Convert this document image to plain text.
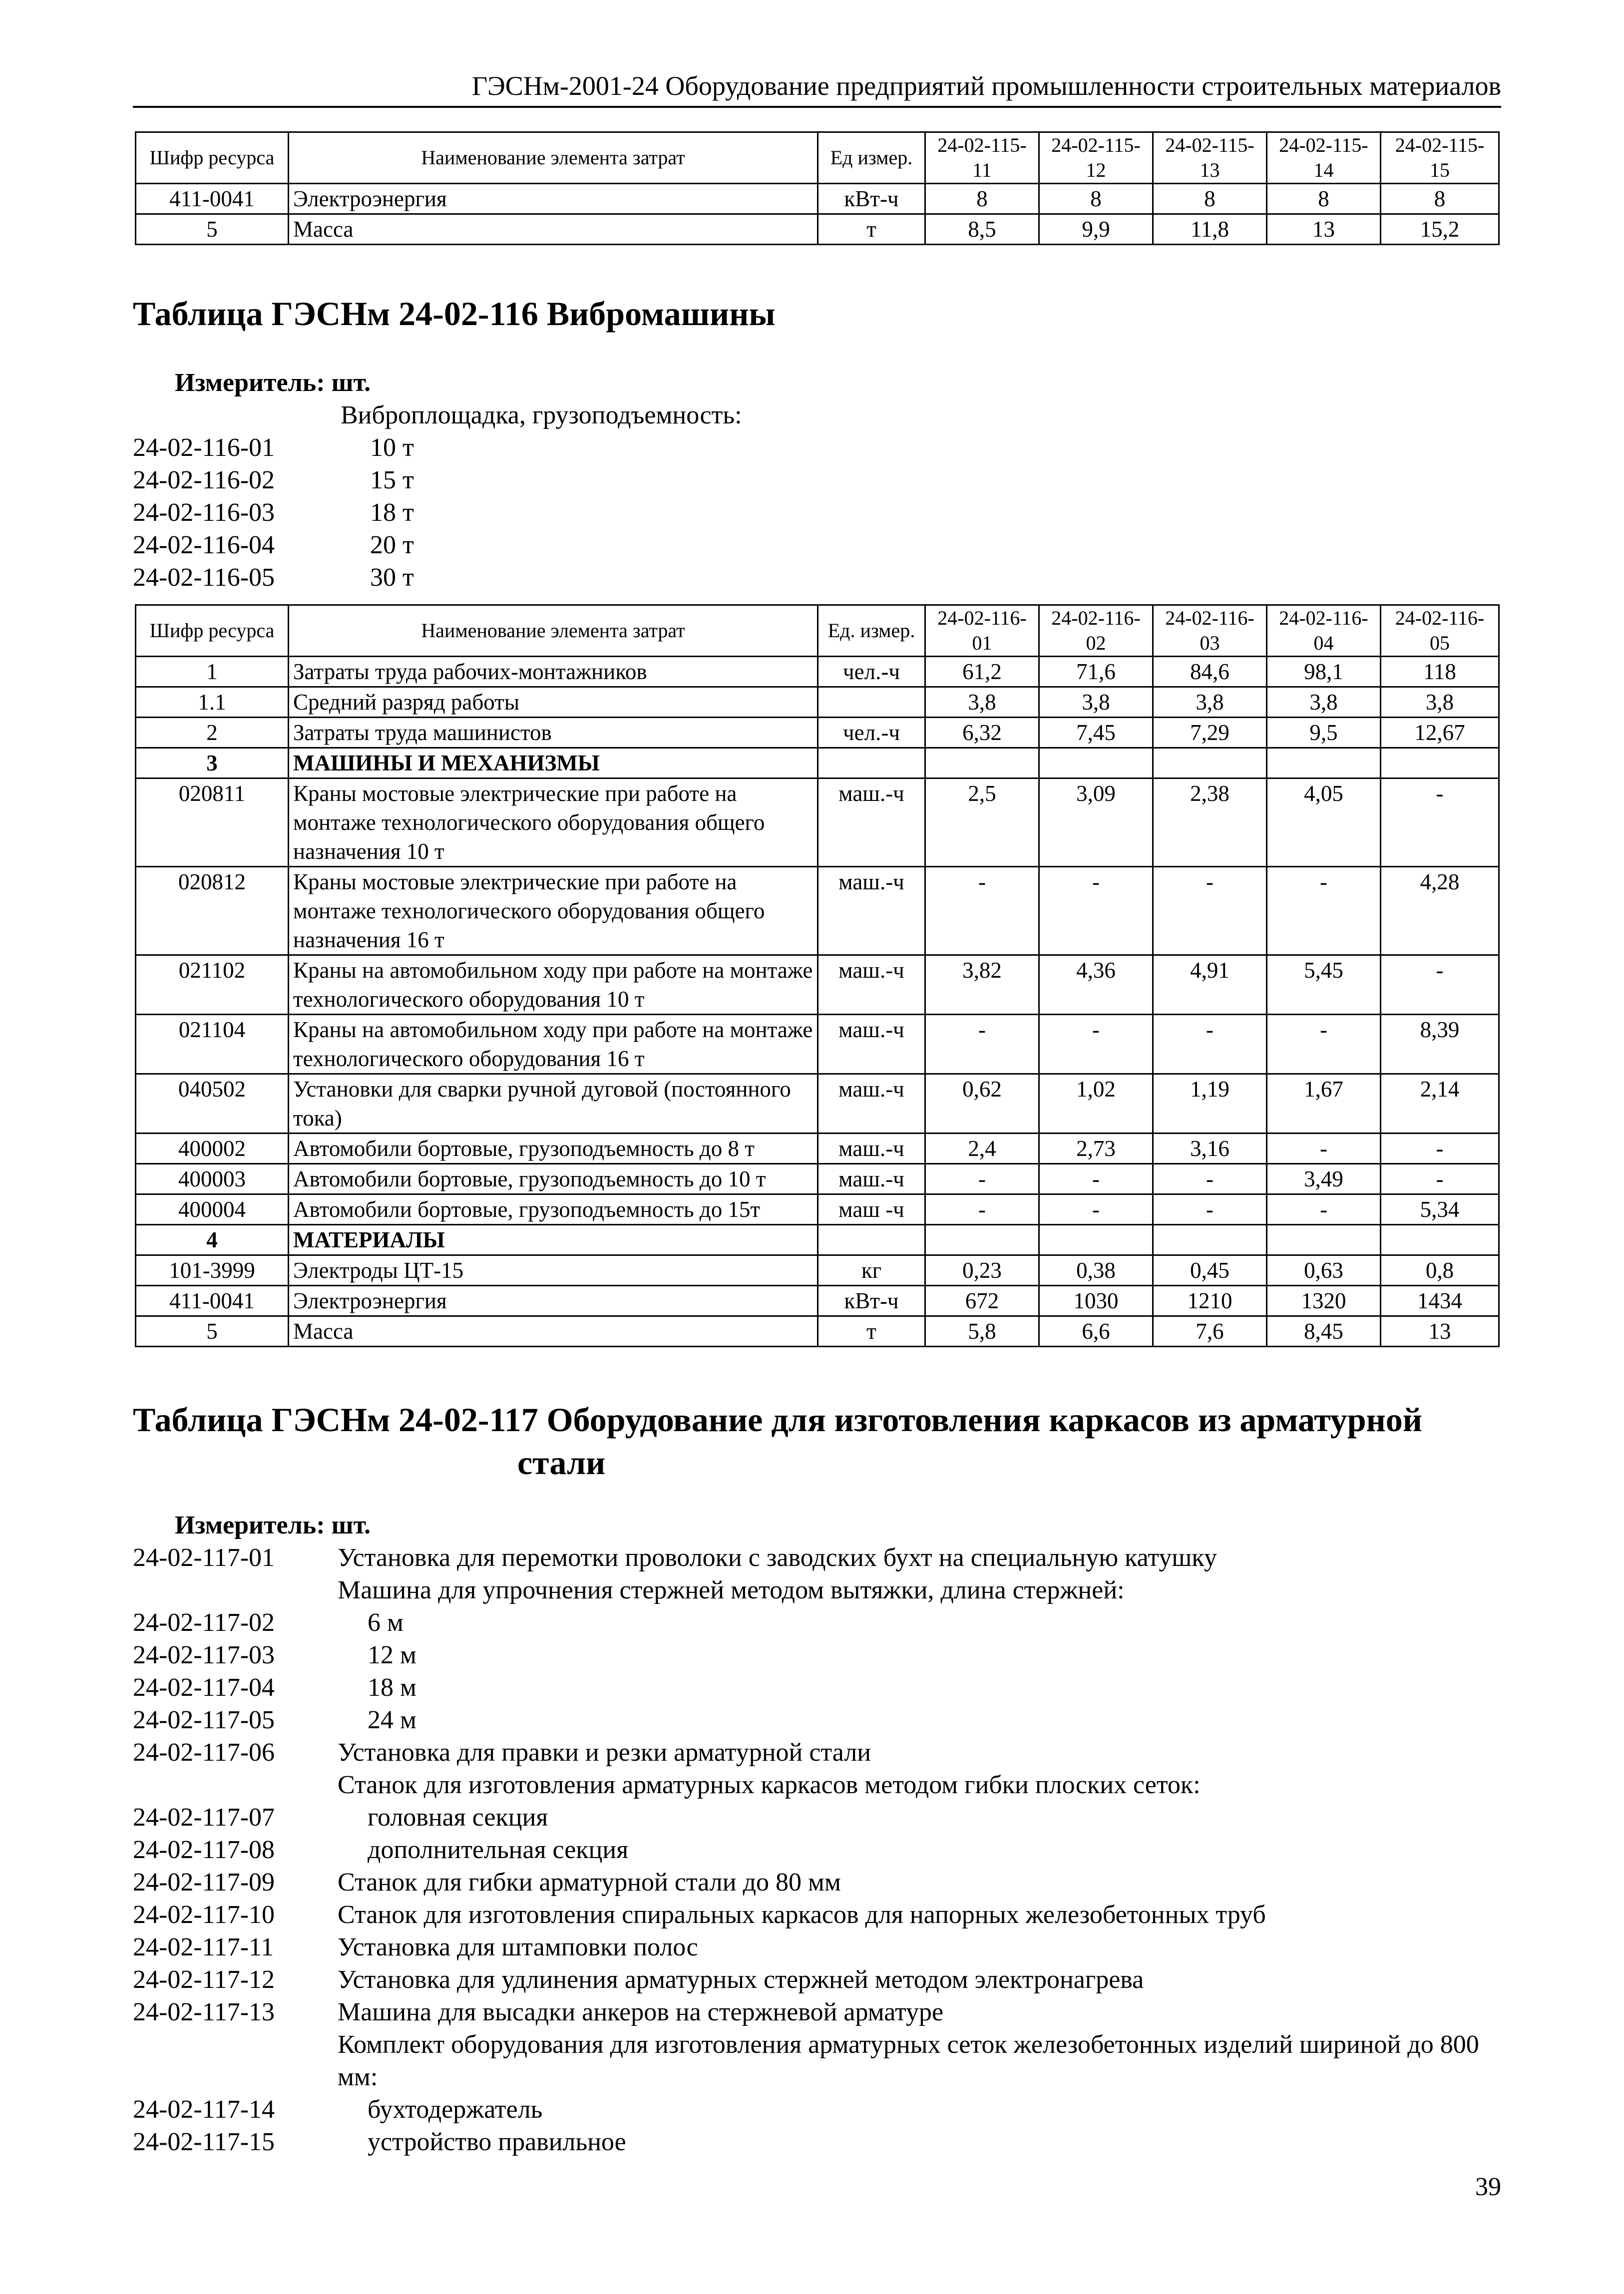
ГЭСНм-2001-24 Оборудование предприятий промышленности строительных материалов
Шифр ресурса	Наименование элемента затрат	Ед измер.	24-02-115-11	24-02-115-12	24-02-115-13	24-02-115-14	24-02-115-15
411-0041	Электроэнергия	кВт-ч	8	8	8	8	8
5	Масса	т	8,5	9,9	11,8	13	15,2
Таблица ГЭСНм 24-02-116 Вибромашины
Измеритель: шт.
Виброплощадка, грузоподъемность:
24-02-116-01	10 т
24-02-116-02	15 т
24-02-116-03	18 т
24-02-116-04	20 т
24-02-116-05	30 т
Шифр ресурса	Наименование элемента затрат	Ед. измер.	24-02-116-01	24-02-116-02	24-02-116-03	24-02-116-04	24-02-116-05
1	Затраты труда рабочих-монтажников	чел.-ч	61,2	71,6	84,6	98,1	118
1.1	Средний разряд работы		3,8	3,8	3,8	3,8	3,8
2	Затраты труда машинистов	чел.-ч	6,32	7,45	7,29	9,5	12,67
3	МАШИНЫ И МЕХАНИЗМЫ						
020811	Краны мостовые электрические при работе на монтаже технологического оборудования общего назначения 10 т	маш.-ч	2,5	3,09	2,38	4,05	-
020812	Краны мостовые электрические при работе на монтаже технологического оборудования общего назначения 16 т	маш.-ч	-	-	-	-	4,28
021102	Краны на автомобильном ходу при работе на монтаже технологического оборудования 10 т	маш.-ч	3,82	4,36	4,91	5,45	-
021104	Краны на автомобильном ходу при работе на монтаже технологического оборудования 16 т	маш.-ч	-	-	-	-	8,39
040502	Установки для сварки ручной дуговой (постоянного тока)	маш.-ч	0,62	1,02	1,19	1,67	2,14
400002	Автомобили бортовые, грузоподъемность до 8 т	маш.-ч	2,4	2,73	3,16	-	-
400003	Автомобили бортовые, грузоподъемность до 10 т	маш.-ч	-	-	-	3,49	-
400004	Автомобили бортовые, грузоподъемность до 15т	маш -ч	-	-	-	-	5,34
4	МАТЕРИАЛЫ						
101-3999	Электроды ЦТ-15	кг	0,23	0,38	0,45	0,63	0,8
411-0041	Электроэнергия	кВт-ч	672	1030	1210	1320	1434
5	Масса	т	5,8	6,6	7,6	8,45	13
Таблица ГЭСНм 24-02-117 Оборудование для изготовления каркасов из арматурной
стали
Измеритель: шт.
24-02-117-01 Установка для перемотки проволоки с заводских бухт на специальную катушку
Машина для упрочнения стержней методом вытяжки, длина стержней:
24-02-117-02	6 м
24-02-117-03	12 м
24-02-117-04	18 м
24-02-117-05	24 м
24-02-117-06 Установка для правки и резки арматурной стали
Станок для изготовления арматурных каркасов методом гибки плоских сеток:
24-02-117-07	головная секция
24-02-117-08	дополнительная секция
24-02-117-09 Станок для гибки арматурной стали до 80 мм
24-02-117-10 Станок для изготовления спиральных каркасов для напорных железобетонных труб
24-02-117-11 Установка для штамповки полос
24-02-117-12 Установка для удлинения арматурных стержней методом электронагрева
24-02-117-13 Машина для высадки анкеров на стержневой арматуре
Комплект оборудования для изготовления арматурных сеток железобетонных изделий шириной до 800 мм:
24-02-117-14	бухтодержатель
24-02-117-15	устройство правильное
39
